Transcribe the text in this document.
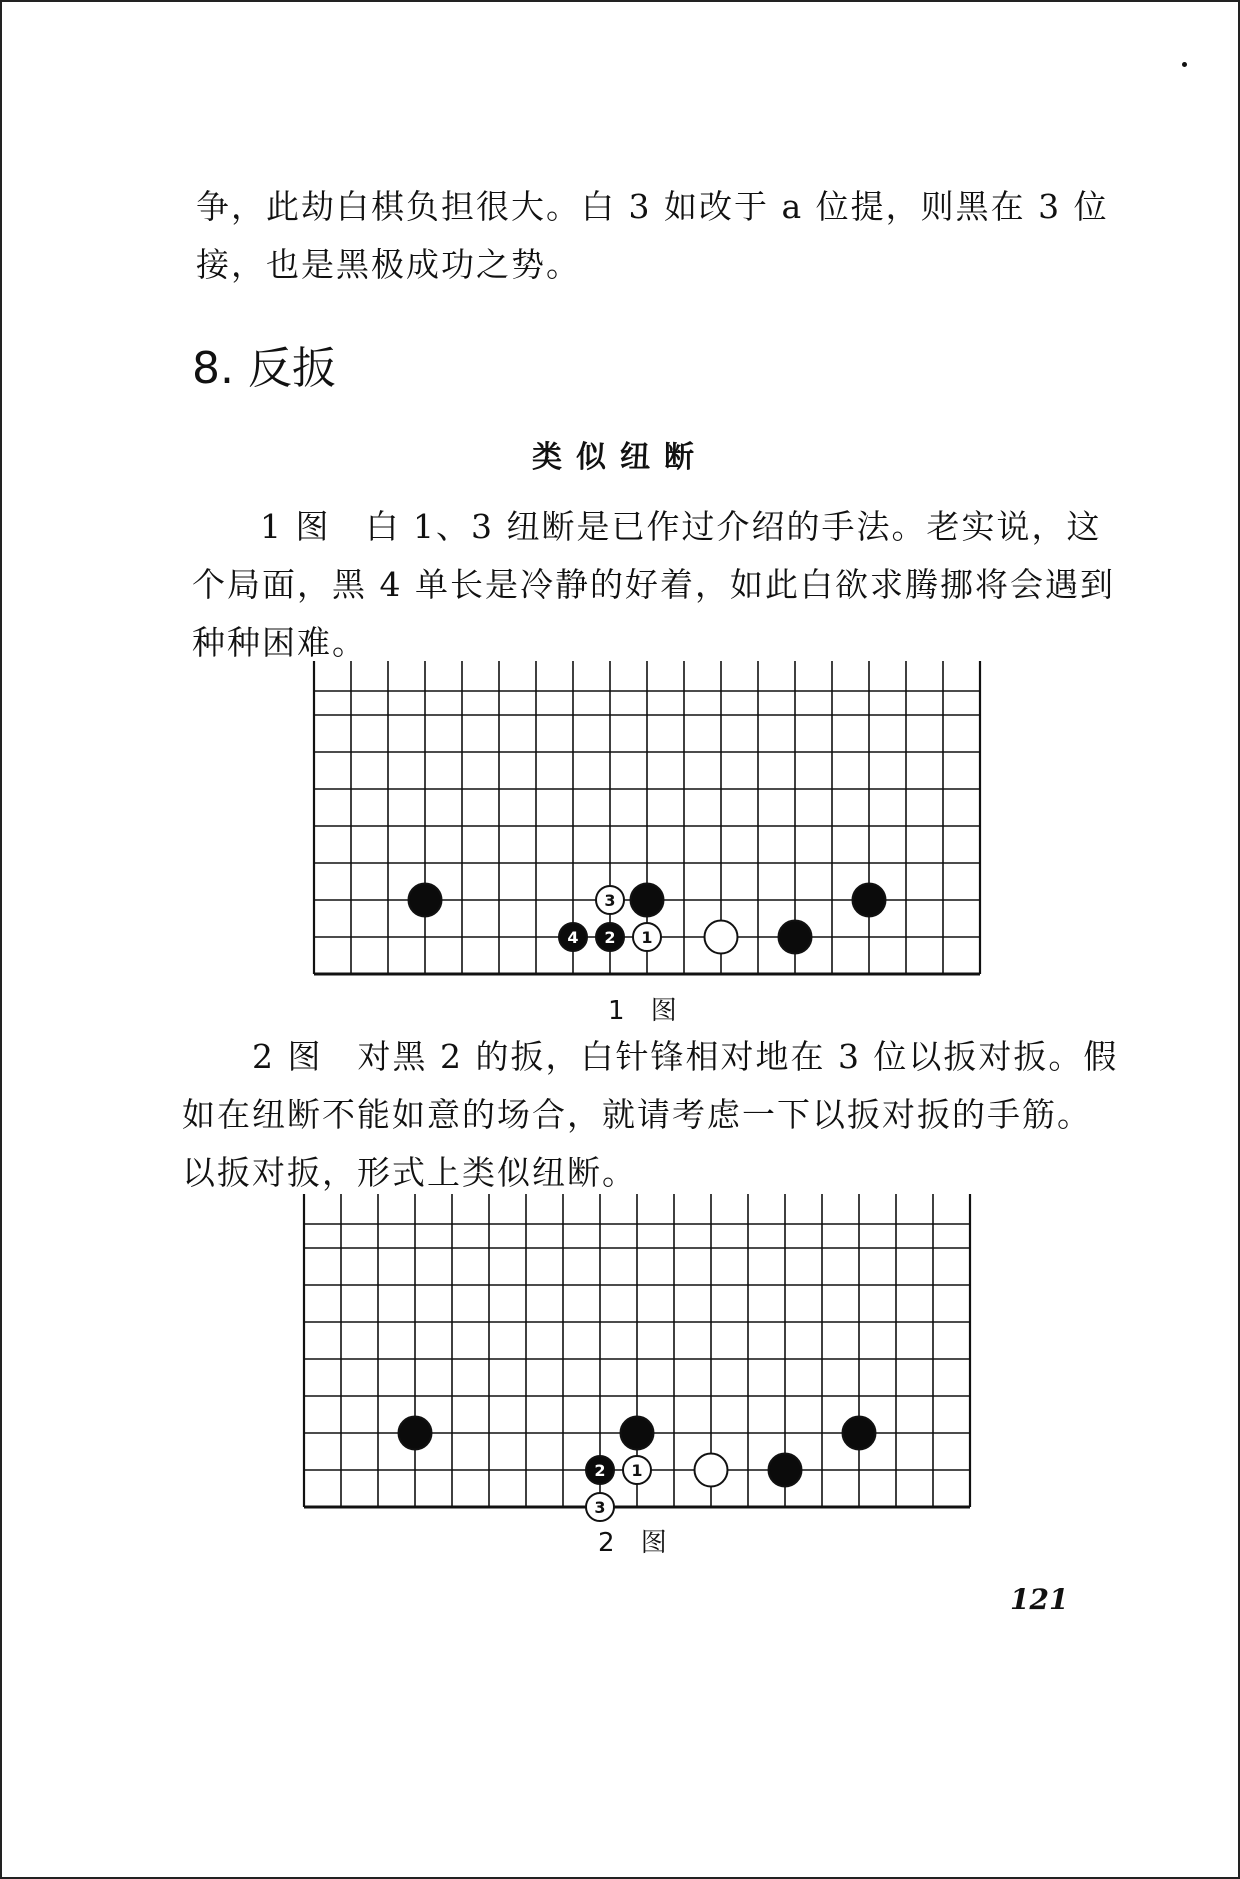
争，此劫白棋负担很大。白 3 如改于 a 位提，则黑在 3 位
接，也是黑极成功之势。
8. 反扳
类似纽断
1 图　白 1、3 纽断是已作过介绍的手法。老实说，这
个局面，黑 4 单长是冷静的好着，如此白欲求腾挪将会遇到
种种困难。
3
4 2 1
1 图
2 图　对黑 2 的扳，白针锋相对地在 3 位以扳对扳。假
如在纽断不能如意的场合，就请考虑一下以扳对扳的手筋。
以扳对扳，形式上类似纽断。
2 1
3
2 图
121
